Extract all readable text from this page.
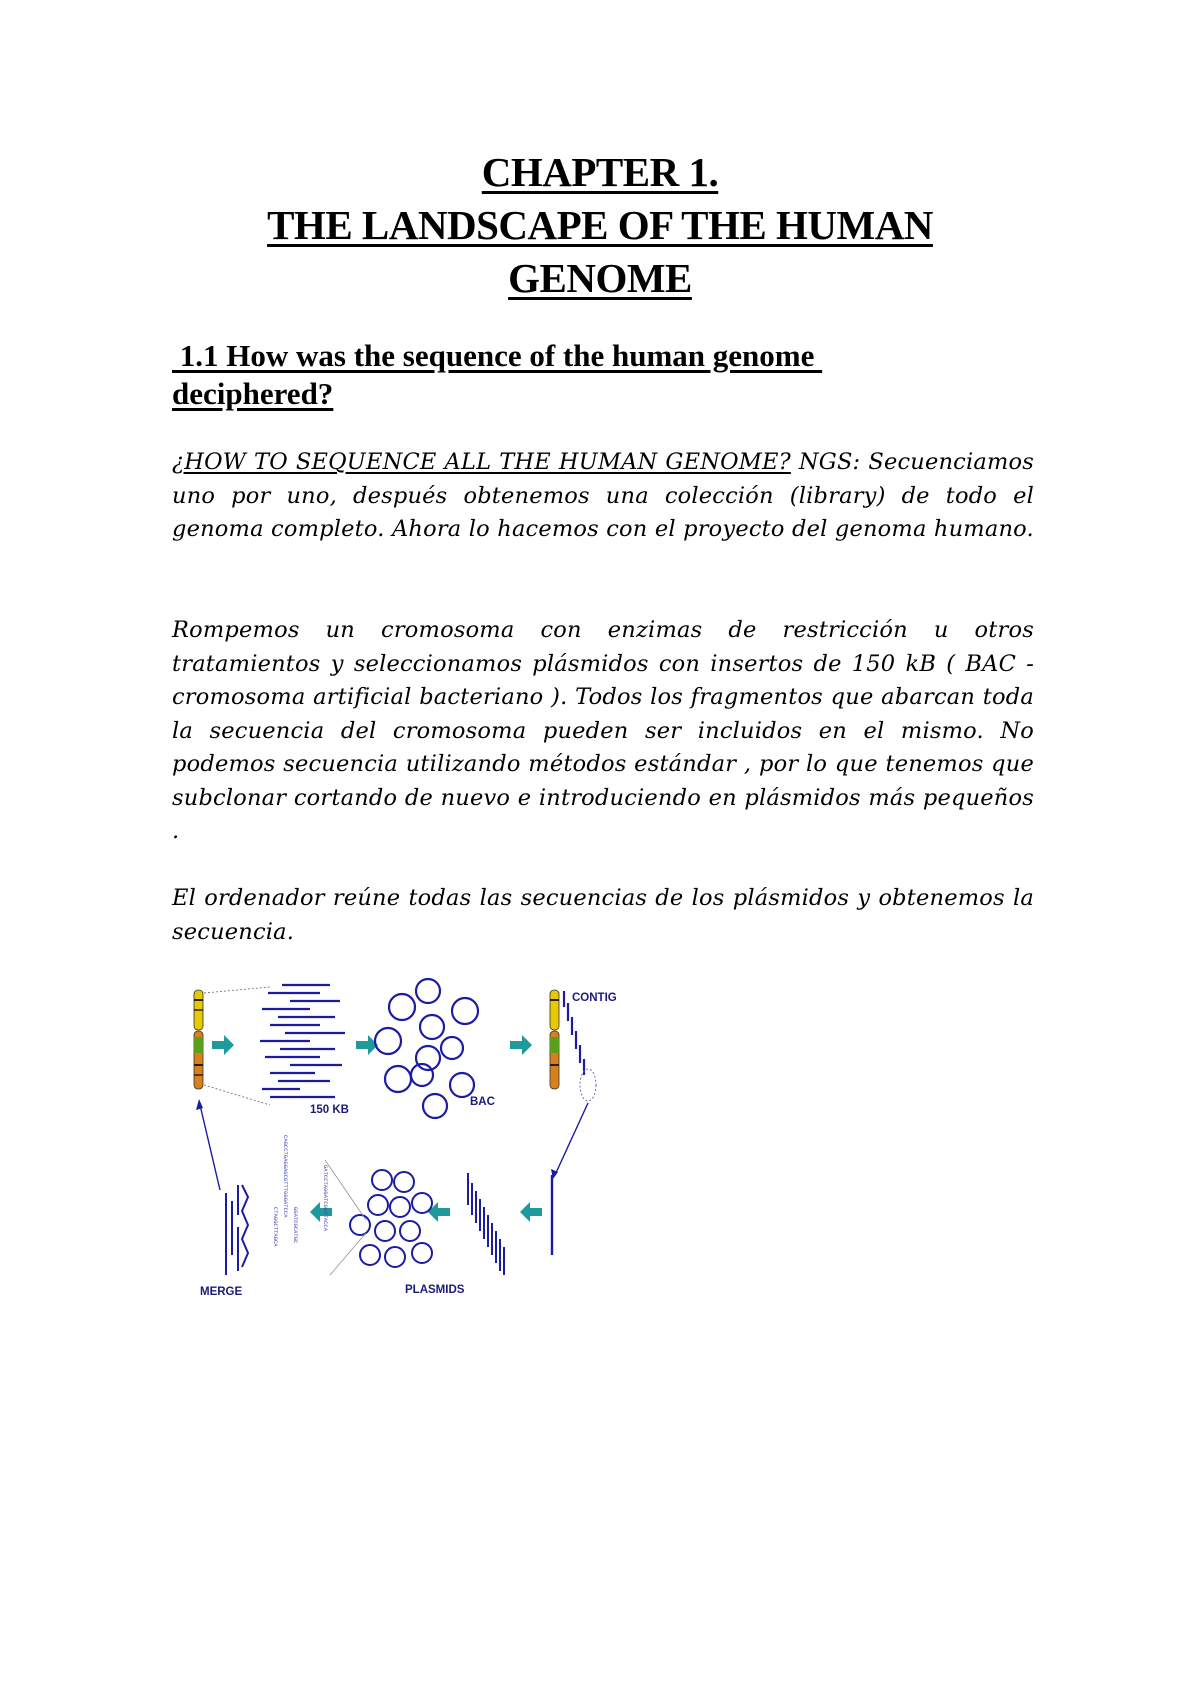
CHAPTER 1.
THE LANDSCAPE OF THE HUMAN
GENOME
1.1 How was the sequence of the human genome
deciphered?
¿HOW TO SEQUENCE ALL THE HUMAN GENOME? NGS: Secuenciamos uno por uno, después obtenemos una colección (library) de todo el genoma completo. Ahora lo hacemos con el proyecto del genoma humano.
Rompemos un cromosoma con enzimas de restricción u otros tratamientos y seleccionamos plásmidos con insertos de 150 kB ( BAC - cromosoma artificial bacteriano ). Todos los fragmentos que abarcan toda la secuencia del cromosoma pueden ser incluidos en el mismo. No podemos secuencia utilizando métodos estándar , por lo que tenemos que subclonar cortando de nuevo e introduciendo en plásmidos más pequeños .
El ordenador reúne todas las secuencias de los plásmidos y obtenemos la secuencia.
150 KB
BAC
CONTIG
PLASMIDS
GATCCTAGGATCGGATACCA
CAGCCTGAGGAGCGTTTGGGATCCA
CTAGGCTTAGCA GGATCGCATGC
MERGE
